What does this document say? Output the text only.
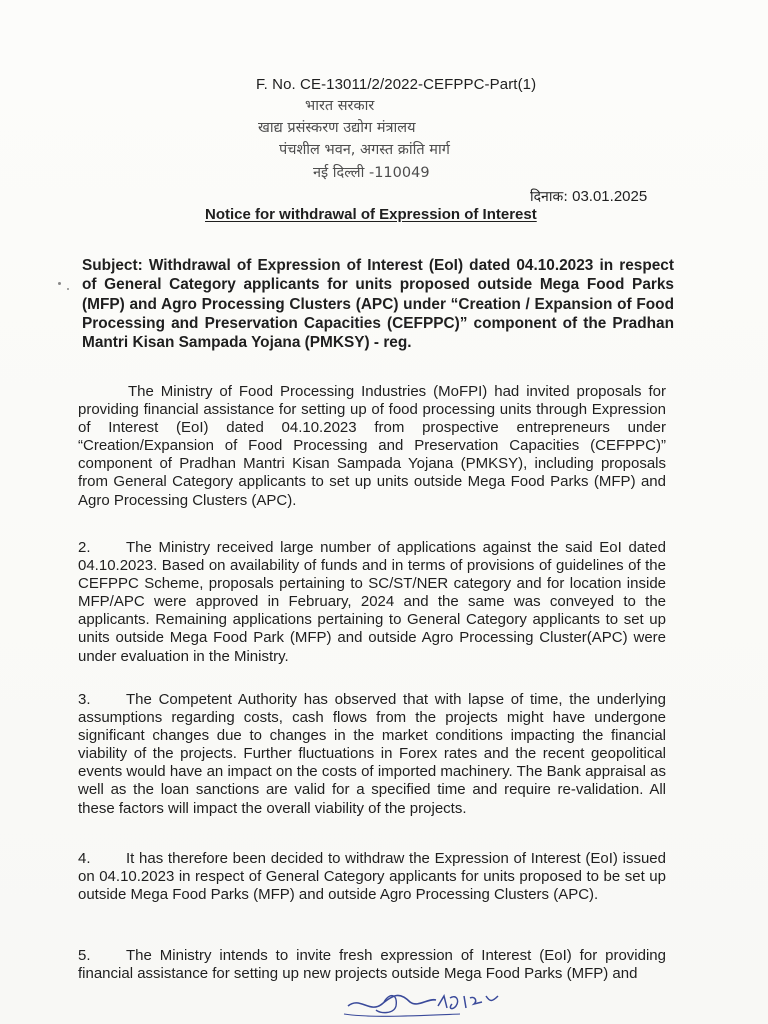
F. No. CE-13011/2/2022-CEFPPC-Part(1)

भारत सरकार

खाद्य प्रसंस्करण उद्योग मंत्रालय

पंचशील भवन, अगस्त क्रांति मार्ग

नई दिल्ली -110049

दिनाक: 03.01.2025

Notice for withdrawal of Expression of Interest

Subject: Withdrawal of Expression of Interest (EoI) dated 04.10.2023 in respect of General Category applicants for units proposed outside Mega Food Parks (MFP) and Agro Processing Clusters (APC) under “Creation / Expansion of Food Processing and Preservation Capacities (CEFPPC)” component of the Pradhan Mantri Kisan Sampada Yojana (PMKSY) - reg.

The Ministry of Food Processing Industries (MoFPI) had invited proposals for providing financial assistance for setting up of food processing units through Expression of Interest (EoI) dated 04.10.2023 from prospective entrepreneurs under “Creation/Expansion of Food Processing and Preservation Capacities (CEFPPC)” component of Pradhan Mantri Kisan Sampada Yojana (PMKSY), including proposals from General Category applicants to set up units outside Mega Food Parks (MFP) and Agro Processing Clusters (APC).

2. The Ministry received large number of applications against the said EoI dated 04.10.2023. Based on availability of funds and in terms of provisions of guidelines of the CEFPPC Scheme, proposals pertaining to SC/ST/NER category and for location inside MFP/APC were approved in February, 2024 and the same was conveyed to the applicants. Remaining applications pertaining to General Category applicants to set up units outside Mega Food Park (MFP) and outside Agro Processing Cluster(APC) were under evaluation in the Ministry.

3. The Competent Authority has observed that with lapse of time, the underlying assumptions regarding costs, cash flows from the projects might have undergone significant changes due to changes in the market conditions impacting the financial viability of the projects. Further fluctuations in Forex rates and the recent geopolitical events would have an impact on the costs of imported machinery. The Bank appraisal as well as the loan sanctions are valid for a specified time and require re-validation. All these factors will impact the overall viability of the projects.

4. It has therefore been decided to withdraw the Expression of Interest (EoI) issued on 04.10.2023 in respect of General Category applicants for units proposed to be set up outside Mega Food Parks (MFP) and outside Agro Processing Clusters (APC).

5. The Ministry intends to invite fresh expression of Interest (EoI) for providing financial assistance for setting up new projects outside Mega Food Parks (MFP) and
